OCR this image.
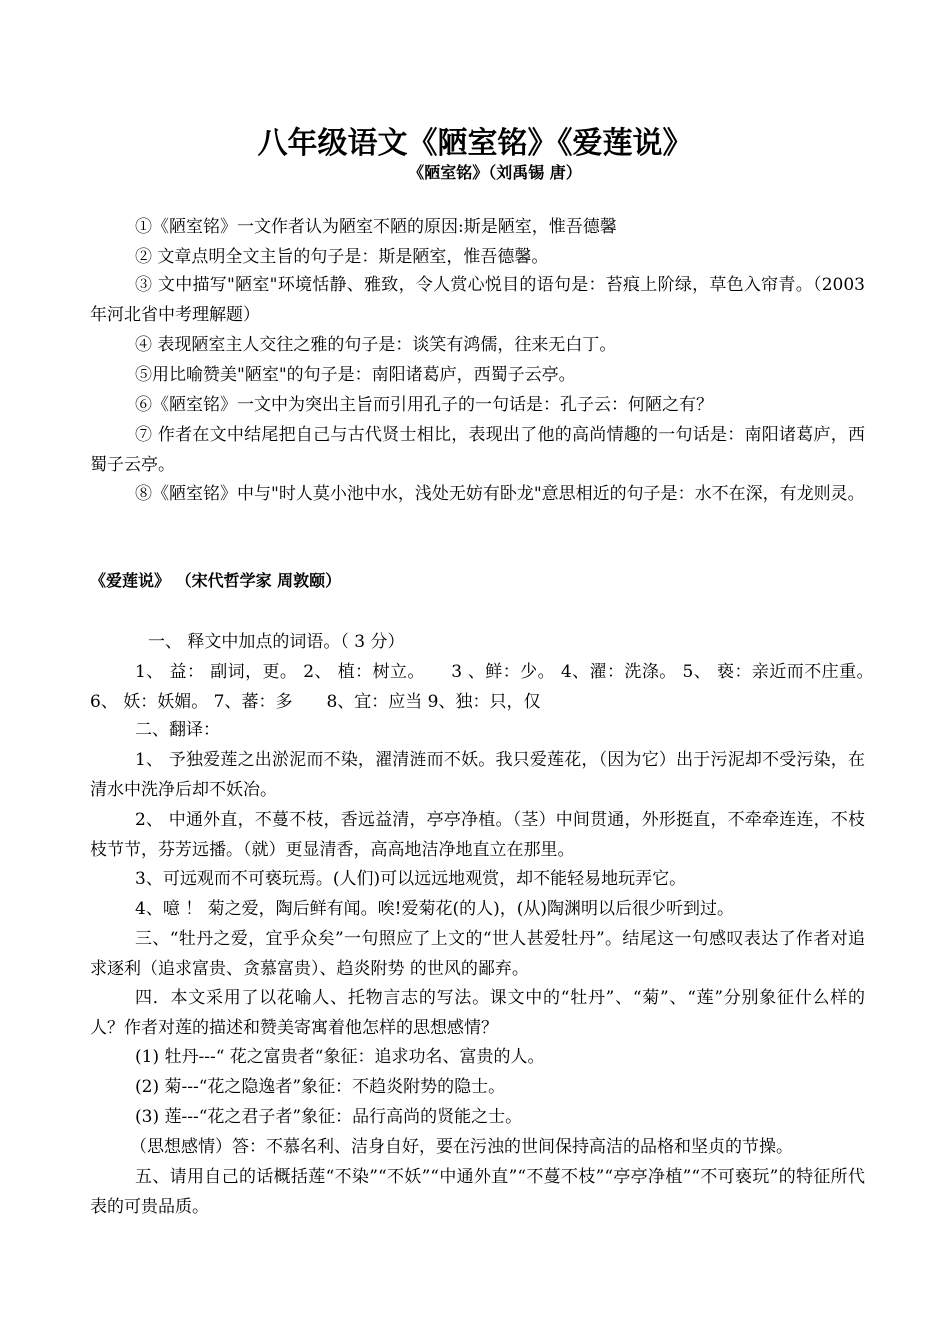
八年级语文《陋室铭》《爱莲说》
《陋室铭》（刘禹锡 唐）
①《陋室铭》一文作者认为陋室不陋的原因:斯是陋室，惟吾德馨
② 文章点明全文主旨的句子是：斯是陋室，惟吾德馨。
③ 文中描写"陋室"环境恬静、雅致，令人赏心悦目的语句是：苔痕上阶绿，草色入帘青。（2003年河北省中考理解题）
④ 表现陋室主人交往之雅的句子是：谈笑有鸿儒，往来无白丁。
⑤用比喻赞美"陋室"的句子是：南阳诸葛庐，西蜀子云亭。
⑥《陋室铭》一文中为突出主旨而引用孔子的一句话是：孔子云：何陋之有？
⑦ 作者在文中结尾把自己与古代贤士相比，表现出了他的高尚情趣的一句话是：南阳诸葛庐，西蜀子云亭。
⑧《陋室铭》中与"时人莫小池中水，浅处无妨有卧龙"意思相近的句子是：水不在深，有龙则灵。
《爱莲说》 （宋代哲学家 周敦颐）
一、 释文中加点的词语。（ 3 分）
1、 益： 副词，更。 2、 植：树立。　　3 、鲜：少。 4、濯：洗涤。 5、 亵：亲近而不庄重。　6、 妖：妖媚。 7、蕃：多　　8、宜：应当 9、独：只，仅
二、翻译：
1、 予独爱莲之出淤泥而不染，濯清涟而不妖。我只爱莲花，（因为它）出于污泥却不受污染，在清水中洗净后却不妖冶。
2、 中通外直，不蔓不枝，香远益清，亭亭净植。（茎）中间贯通，外形挺直，不牵牵连连，不枝枝节节，芬芳远播。（就）更显清香，高高地洁净地直立在那里。
3、可远观而不可亵玩焉。(人们)可以远远地观赏，却不能轻易地玩弄它。
4、噫 ！ 菊之爱，陶后鲜有闻。唉!爱菊花(的人)，(从)陶渊明以后很少听到过。
三、“牡丹之爱，宜乎众矣”一句照应了上文的“世人甚爱牡丹”。结尾这一句感叹表达了作者对追求逐利（追求富贵、贪慕富贵）、趋炎附势 的世风的鄙弃。
四．本文采用了以花喻人、托物言志的写法。课文中的“牡丹”、“菊”、“莲”分别象征什么样的人？作者对莲的描述和赞美寄寓着他怎样的思想感情？
(1) 牡丹---“ 花之富贵者“象征：追求功名、富贵的人。
(2) 菊---“花之隐逸者”象征：不趋炎附势的隐士。
(3) 莲---“花之君子者”象征：品行高尚的贤能之士。
（思想感情）答：不慕名利、洁身自好，要在污浊的世间保持高洁的品格和坚贞的节操。
五、请用自己的话概括莲“不染”“不妖”“中通外直”“不蔓不枝”“亭亭净植”“不可亵玩”的特征所代表的可贵品质。
